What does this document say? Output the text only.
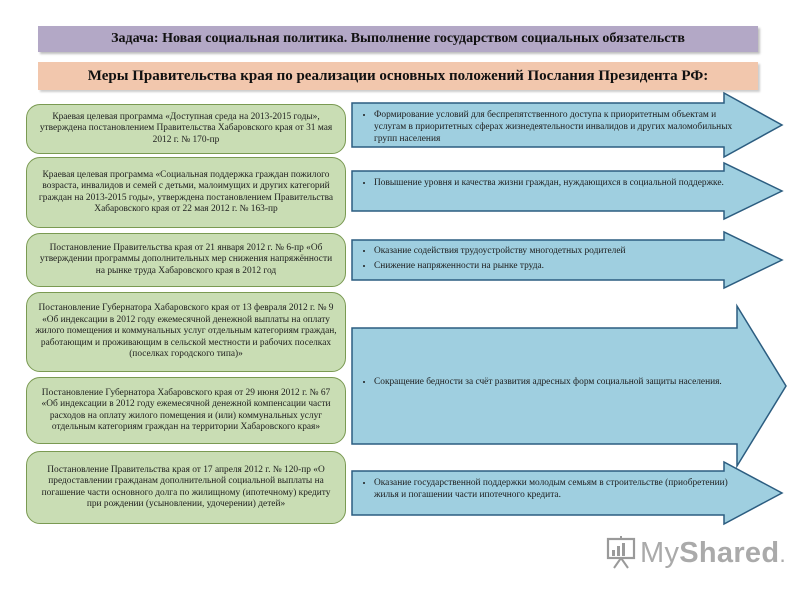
Задача: Новая социальная политика. Выполнение государством социальных обязательств
Меры Правительства края по реализации основных положений Послания Президента РФ:
Краевая целевая программа «Доступная среда на 2013-2015 годы», утверждена постановлением Правительства Хабаровского края от 31 мая 2012 г. № 170-пр
Краевая целевая программа «Социальная поддержка граждан пожилого возраста, инвалидов и семей с детьми, малоимущих и других категорий граждан на 2013-2015 годы», утверждена постановлением Правительства Хабаровского края от 22 мая 2012 г. № 163-пр
Постановление Правительства края от 21 января 2012 г. № 6-пр «Об утверждении программы дополнительных мер снижения напряжённости на рынке труда Хабаровского края в 2012 год
Постановление Губернатора Хабаровского края от 13 февраля 2012 г. № 9 «Об индексации в 2012 году ежемесячной денежной выплаты на оплату жилого помещения и коммунальных услуг отдельным категориям граждан, работающим и проживающим в сельской местности и рабочих поселках (поселках городского типа)»
Постановление Губернатора Хабаровского края от 29 июня 2012 г. № 67 «Об индексации в 2012 году ежемесячной денежной компенсации части расходов на оплату жилого помещения и (или) коммунальных услуг отдельным категориям граждан на территории Хабаровского края»
Постановление Правительства края от 17 апреля 2012 г. № 120-пр «О предоставлении гражданам дополнительной социальной выплаты на погашение части основного долга по жилищному (ипотечному) кредиту при рождении (усыновлении, удочерении) детей»
• Формирование условий для беспрепятственного доступа к приоритетным объектам и услугам в приоритетных сферах жизнедеятельности инвалидов и других маломобильных групп населения
• Повышение уровня и качества жизни граждан, нуждающихся в социальной поддержке.
• Оказание содействия трудоустройству многодетных родителей
• Снижение напряженности на рынке труда.
• Сокращение бедности за счёт развития адресных форм социальной защиты населения.
• Оказание государственной поддержки молодым семьям в строительстве (приобретении) жилья и погашении части ипотечного кредита.
My Shared .
